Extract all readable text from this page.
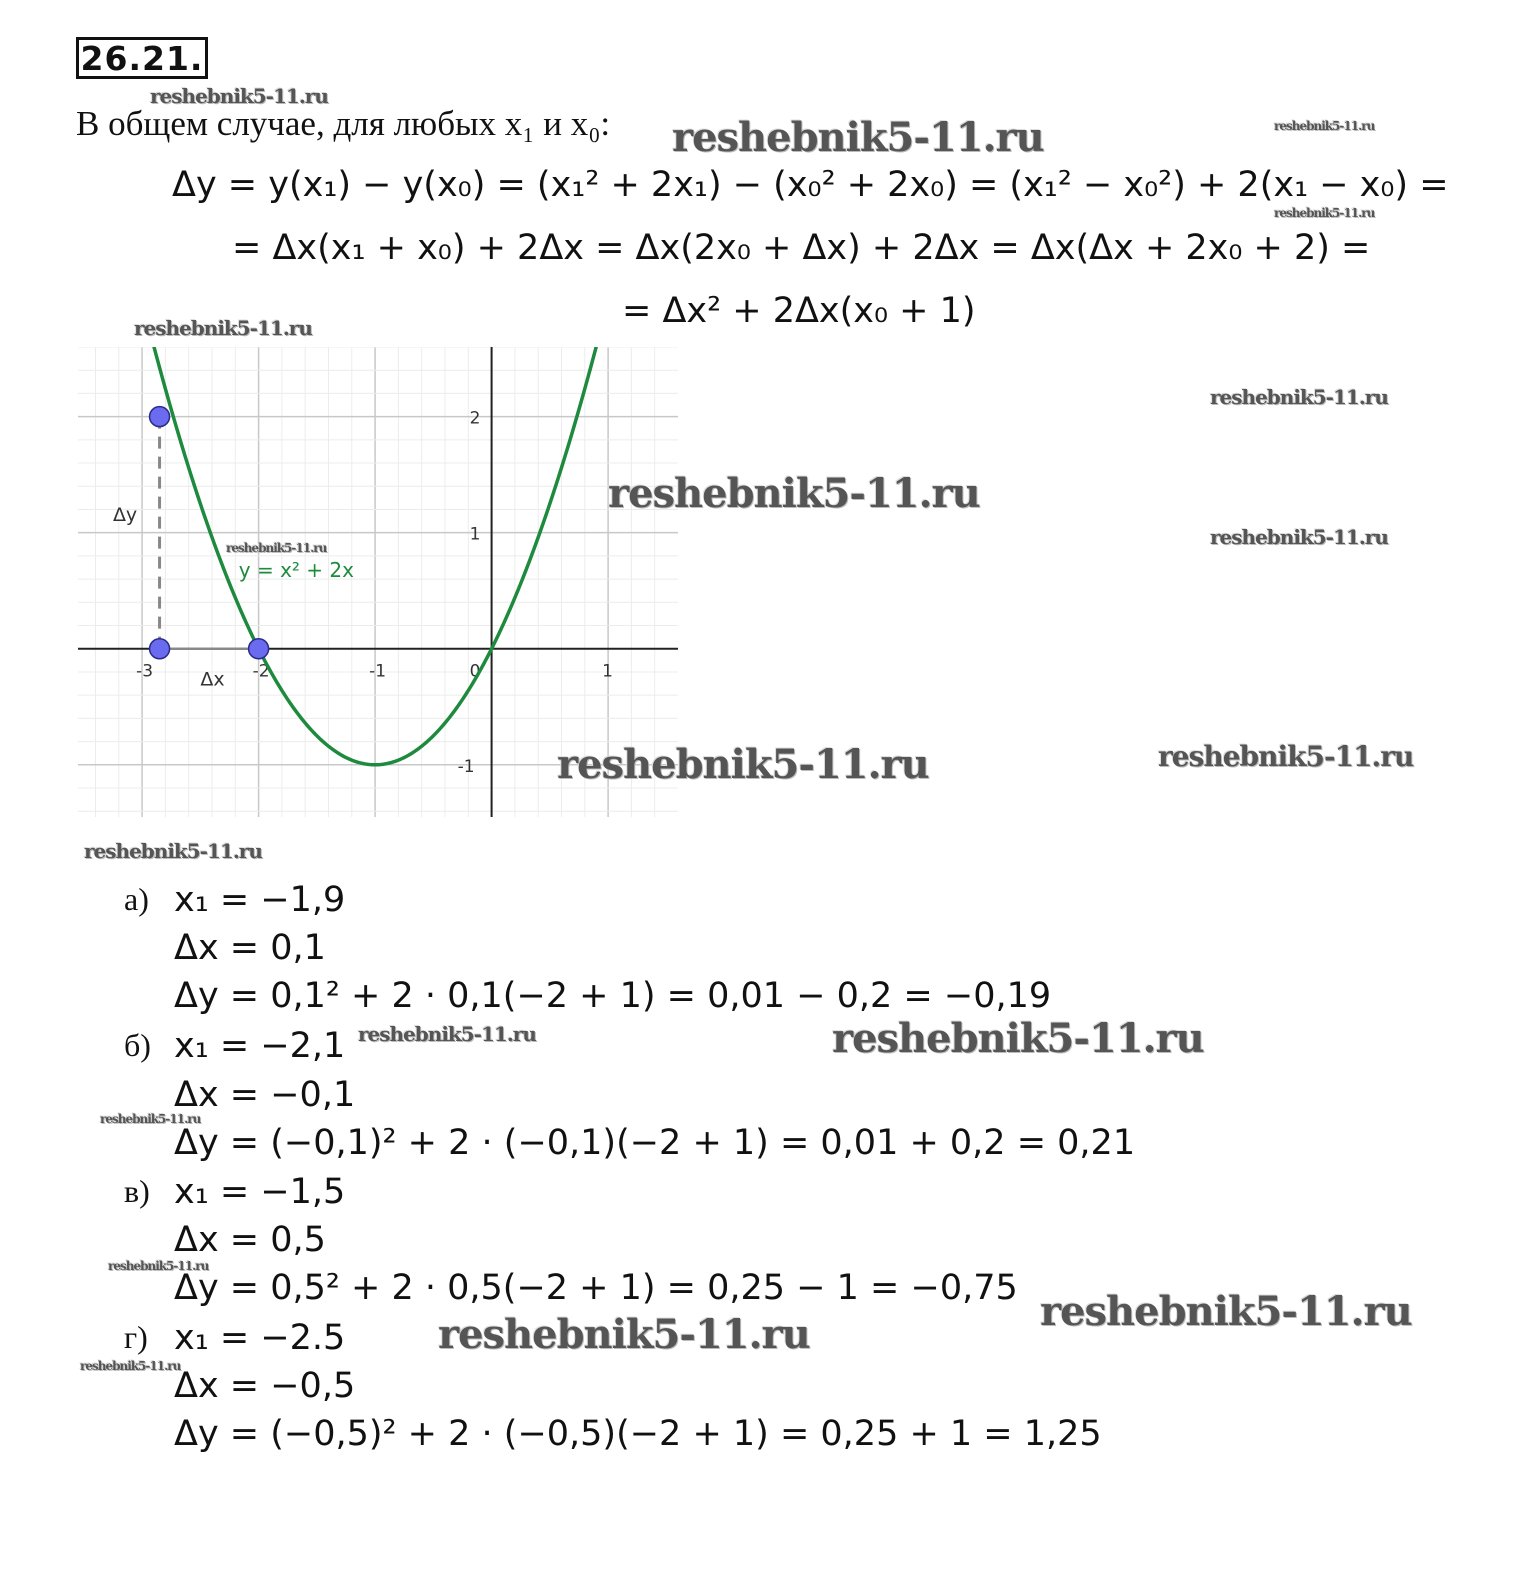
26.21.
В общем случае, для любых x₁ и x₀:
Δy = y(x₁) − y(x₀) = (x₁² + 2x₁) − (x₀² + 2x₀) = (x₁² − x₀²) + 2(x₁ − x₀) =
= Δx(x₁ + x₀) + 2Δx = Δx(2x₀ + Δx) + 2Δx = Δx(Δx + 2x₀ + 2) =
= Δx² + 2Δx(x₀ + 1)
-3	-2	-1	0	1
2
1
-1
y = x² + 2x
Δy
Δx
а) x₁ = −1,9
Δx = 0,1
Δy = 0,1² + 2 · 0,1(−2 + 1) = 0,01 − 0,2 = −0,19
б) x₁ = −2,1
Δx = −0,1
Δy = (−0,1)² + 2 · (−0,1)(−2 + 1) = 0,01 + 0,2 = 0,21
в) x₁ = −1,5
Δx = 0,5
Δy = 0,5² + 2 · 0,5(−2 + 1) = 0,25 − 1 = −0,75
г) x₁ = −2.5
Δx = −0,5
Δy = (−0,5)² + 2 · (−0,5)(−2 + 1) = 0,25 + 1 = 1,25
reshebnik5-11.ru
reshebnik5-11.ru	reshebnik5-11.ru
reshebnik5-11.ru
reshebnik5-11.ru
reshebnik5-11.ru
reshebnik5-11.ru
reshebnik5-11.ru
reshebnik5-11.ru
reshebnik5-11.ru	reshebnik5-11.ru
reshebnik5-11.ru
reshebnik5-11.ru	reshebnik5-11.ru
reshebnik5-11.ru
reshebnik5-11.ru
reshebnik5-11.ru
reshebnik5-11.ru
reshebnik5-11.ru
